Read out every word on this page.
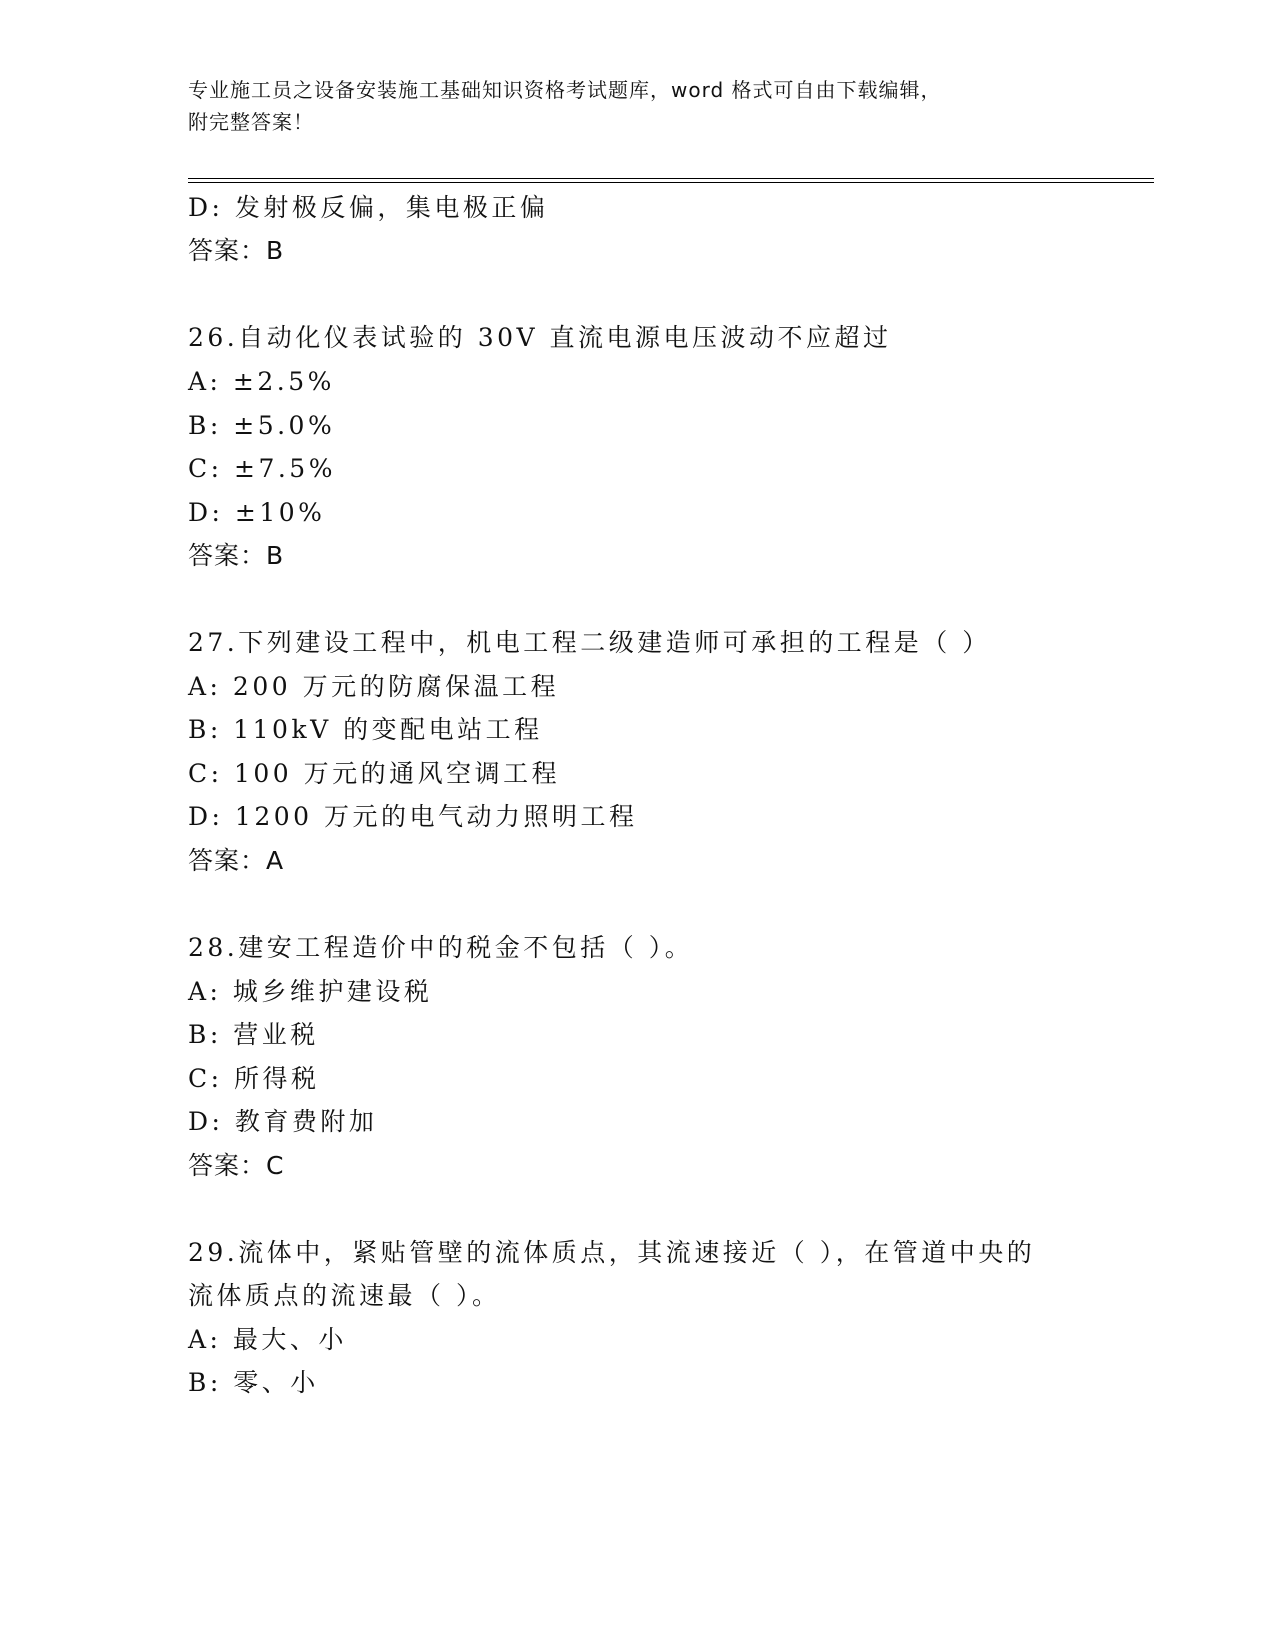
专业施工员之设备安装施工基础知识资格考试题库，word 格式可自由下载编辑，

附完整答案！

D: 发射极反偏，集电极正偏
答案：B
26.自动化仪表试验的 30V 直流电源电压波动不应超过
A: ±2.5%
B: ±5.0%
C: ±7.5%
D: ±10%
答案：B
27.下列建设工程中，机电工程二级建造师可承担的工程是（ ）
A: 200 万元的防腐保温工程
B: 110kV 的变配电站工程
C: 100 万元的通风空调工程
D: 1200 万元的电气动力照明工程
答案：A
28.建安工程造价中的税金不包括（ ）。
A: 城乡维护建设税
B: 营业税
C: 所得税
D: 教育费附加
答案：C
29.流体中，紧贴管壁的流体质点，其流速接近（ ），在管道中央的
流体质点的流速最（ ）。
A: 最大、小
B: 零、小
